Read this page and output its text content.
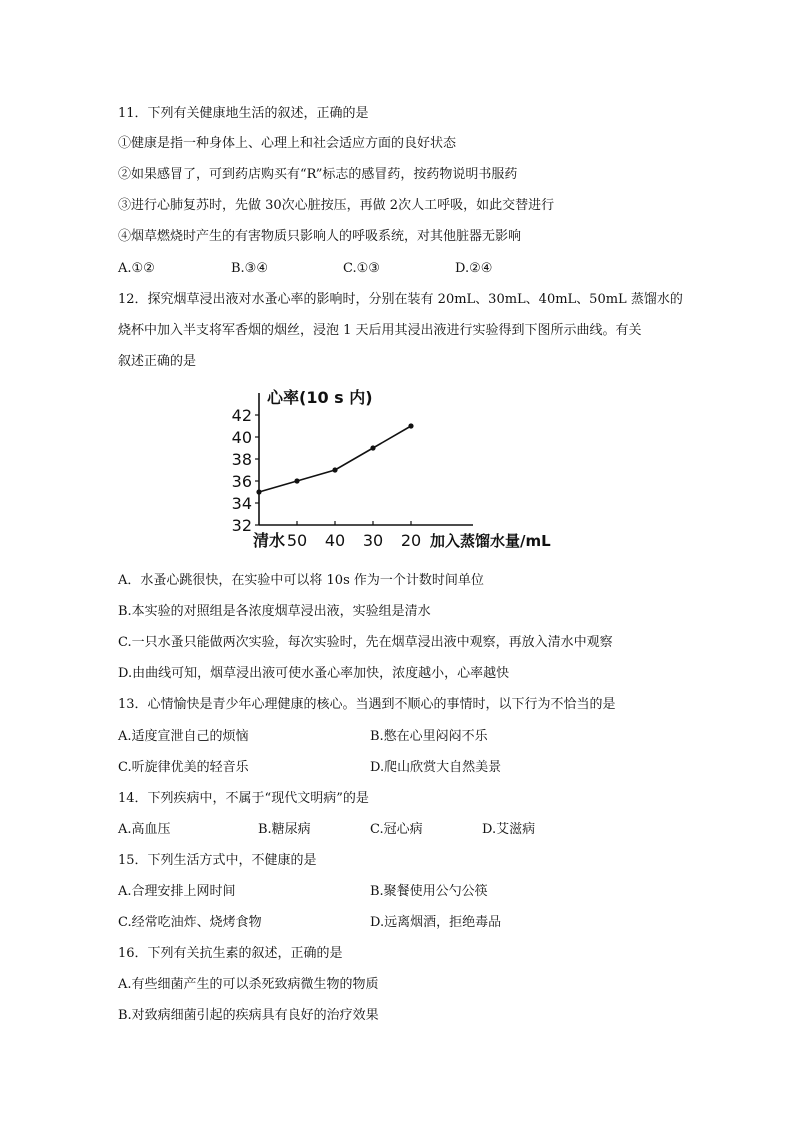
11．下列有关健康地生活的叙述，正确的是
①健康是指一种身体上、心理上和社会适应方面的良好状态
②如果感冒了，可到药店购买有“R”标志的感冒药，按药物说明书服药
③进行心肺复苏时，先做 30次心脏按压，再做 2次人工呼吸，如此交替进行
④烟草燃烧时产生的有害物质只影响人的呼吸系统，对其他脏器无影响
A.①②	B.③④	C.①③	D.②④
12．探究烟草浸出液对水蚤心率的影响时，分别在装有 20mL、30mL、40mL、50mL 蒸馏水的
烧杯中加入半支将军香烟的烟丝，浸泡 1 天后用其浸出液进行实验得到下图所示曲线。有关
叙述正确的是
32
34
36
38
40
42
清水 50 40 30 20
心率(10 s 内)
加入蒸馏水量/mL
A．水蚤心跳很快，在实验中可以将 10s 作为一个计数时间单位
B.本实验的对照组是各浓度烟草浸出液，实验组是清水
C.一只水蚤只能做两次实验，每次实验时，先在烟草浸出液中观察，再放入清水中观察
D.由曲线可知，烟草浸出液可使水蚤心率加快，浓度越小，心率越快
13．心情愉快是青少年心理健康的核心。当遇到不顺心的事情时，以下行为不恰当的是
A.适度宣泄自己的烦恼	B.憋在心里闷闷不乐
C.听旋律优美的轻音乐	D.爬山欣赏大自然美景
14．下列疾病中，不属于“现代文明病”的是
A.高血压	B.糖尿病	C.冠心病	D.艾滋病
15．下列生活方式中，不健康的是
A.合理安排上网时间	B.聚餐使用公勺公筷
C.经常吃油炸、烧烤食物	D.远离烟酒，拒绝毒品
16．下列有关抗生素的叙述，正确的是
A.有些细菌产生的可以杀死致病微生物的物质
B.对致病细菌引起的疾病具有良好的治疗效果
